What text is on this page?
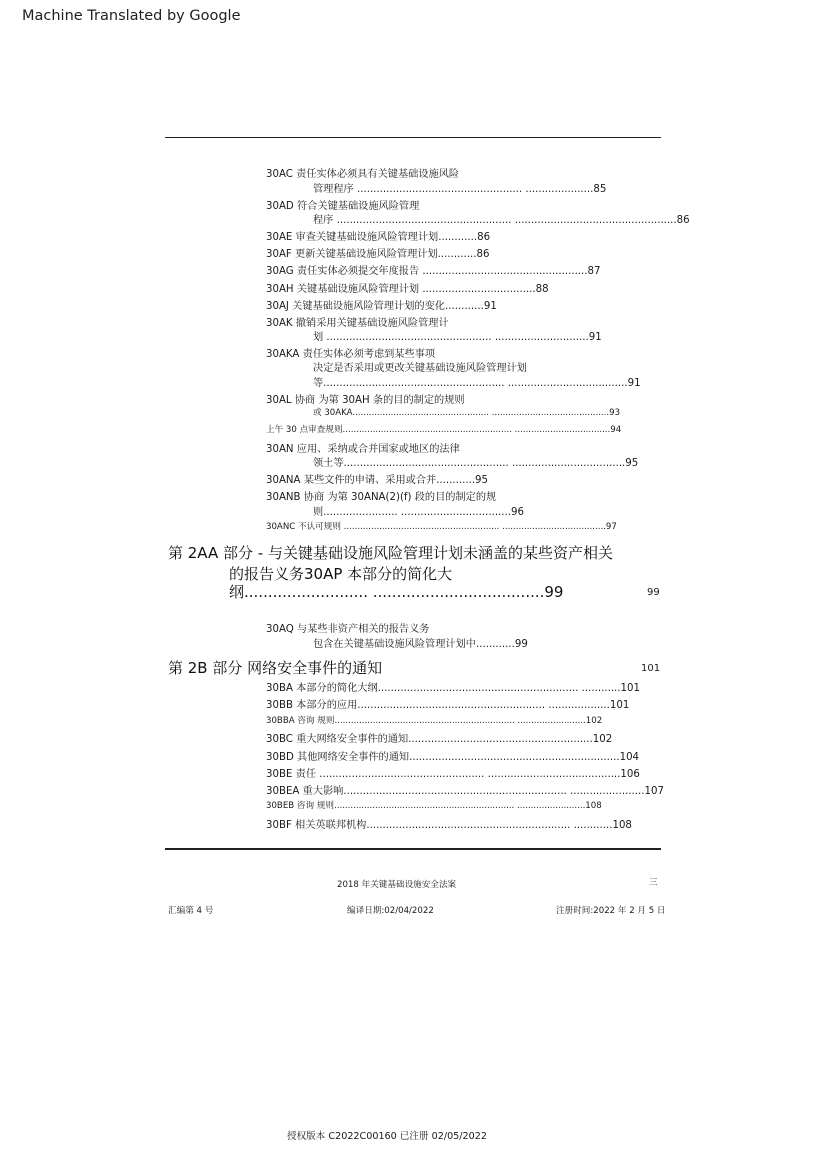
Machine Translated by Google
30AC 责任实体必须具有关键基础设施风险
管理程序 ................................................... .....................85
30AD 符合关键基础设施风险管理
程序 ...................................................... ..................................................86
30AE 审查关键基础设施风险管理计划............86
30AF 更新关键基础设施风险管理计划............86
30AG 责任实体必须提交年度报告 ...................................................87
30AH 关键基础设施风险管理计划 ...................................88
30AJ 关键基础设施风险管理计划的变化............91
30AK 撤销采用关键基础设施风险管理计
划 ................................................... .............................91
30AKA 责任实体必须考虑到某些事项
决定是否采用或更改关键基础设施风险管理计划
等........................................................ .....................................91
30AL 协商 为第 30AH 条的目的制定的规则
或 30AKA.................................................. ...........................................93
上午 30 点审查规则.............................................................. ...................................94
30AN 应用、采纳或合并国家或地区的法律
领土等................................................... ...................................95
30ANA 某些文件的申请、采用或合并............95
30ANB 协商 为第 30ANA(2)(f) 段的目的制定的规
则....................... ..................................96
30ANC 不认可规则 ......................................................... ......................................97
第 2AA 部分 - 与关键基础设施风险管理计划未涵盖的某些资产相关
的报告义务30AP 本部分的简化大
纲.......................... ....................................99	99
30AQ 与某些非资产相关的报告义务
包含在关键基础设施风险管理计划中............99
第 2B 部分 网络安全事件的通知	101
30BA 本部分的简化大纲.............................................................. ............101
30BB 本部分的应用.......................................................... ...................101
30BBA 咨询 规则.................................................................. .........................102
30BC 重大网络安全事件的通知.........................................................102
30BD 其他网络安全事件的通知.................................................................104
30BE 责任 ................................................... .........................................106
30BEA 重大影响..................................................................... .......................107
30BEB 咨询 规则.................................................................. .........................108
30BF 相关英联邦机构............................................................... ............108
2018 年关键基础设施安全法案	三
汇编第 4 号	编译日期:02/04/2022	注册时间:2022 年 2 月 5 日
授权版本 C2022C00160 已注册 02/05/2022
